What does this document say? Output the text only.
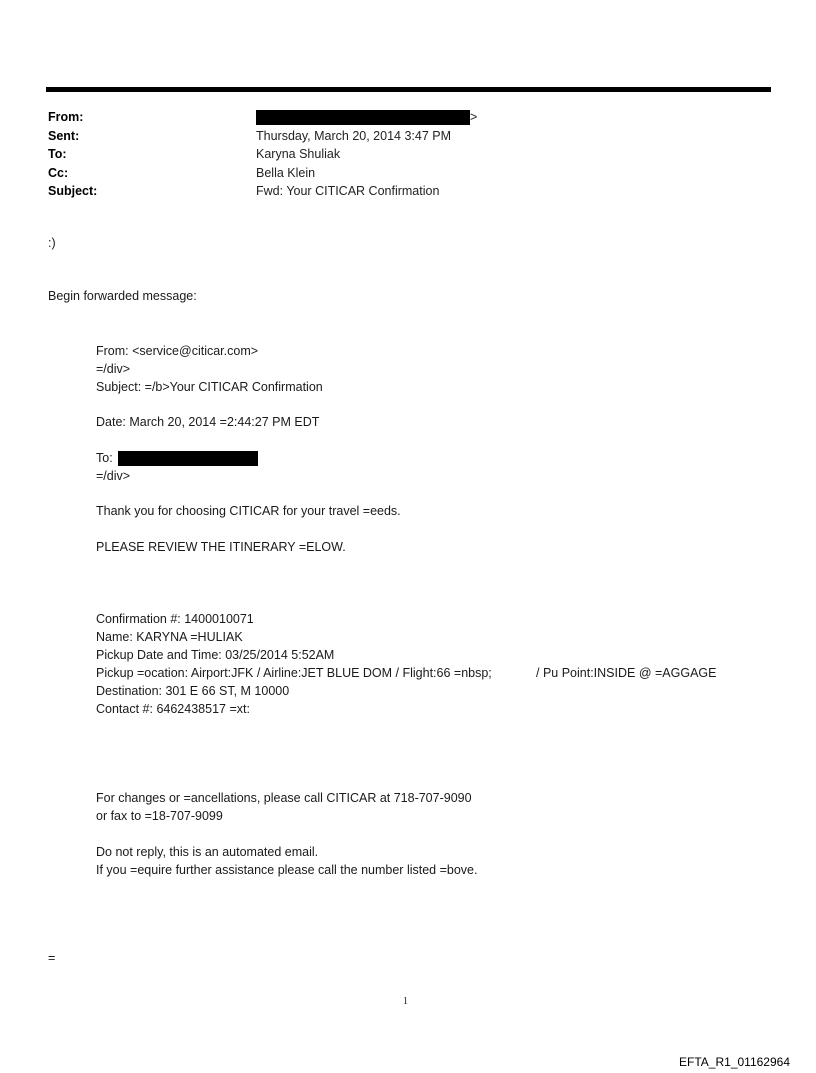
From:	>
Sent:	Thursday, March 20, 2014 3:47 PM
To:	Karyna Shuliak
Cc:	Bella Klein
Subject:	Fwd: Your CITICAR Confirmation
:)
Begin forwarded message:
From: <service@citicar.com>
=/div>
Subject: =/b>Your CITICAR Confirmation
Date: March 20, 2014 =2:44:27 PM EDT
To:
=/div>
Thank you for choosing CITICAR for your travel =eeds.
PLEASE REVIEW THE ITINERARY =ELOW.
Confirmation #: 1400010071
Name: KARYNA =HULIAK
Pickup Date and Time: 03/25/2014 5:52AM
Pickup =ocation: Airport:JFK / Airline:JET BLUE DOM / Flight:66 =nbsp;	/ Pu Point:INSIDE @ =AGGAGE
Destination: 301 E 66 ST, M 10000
Contact #: 6462438517 =xt:
For changes or =ancellations, please call CITICAR at 718-707-9090
or fax to =18-707-9099
Do not reply, this is an automated email.
If you =equire further assistance please call the number listed =bove.
=
1
EFTA_R1_01162964
